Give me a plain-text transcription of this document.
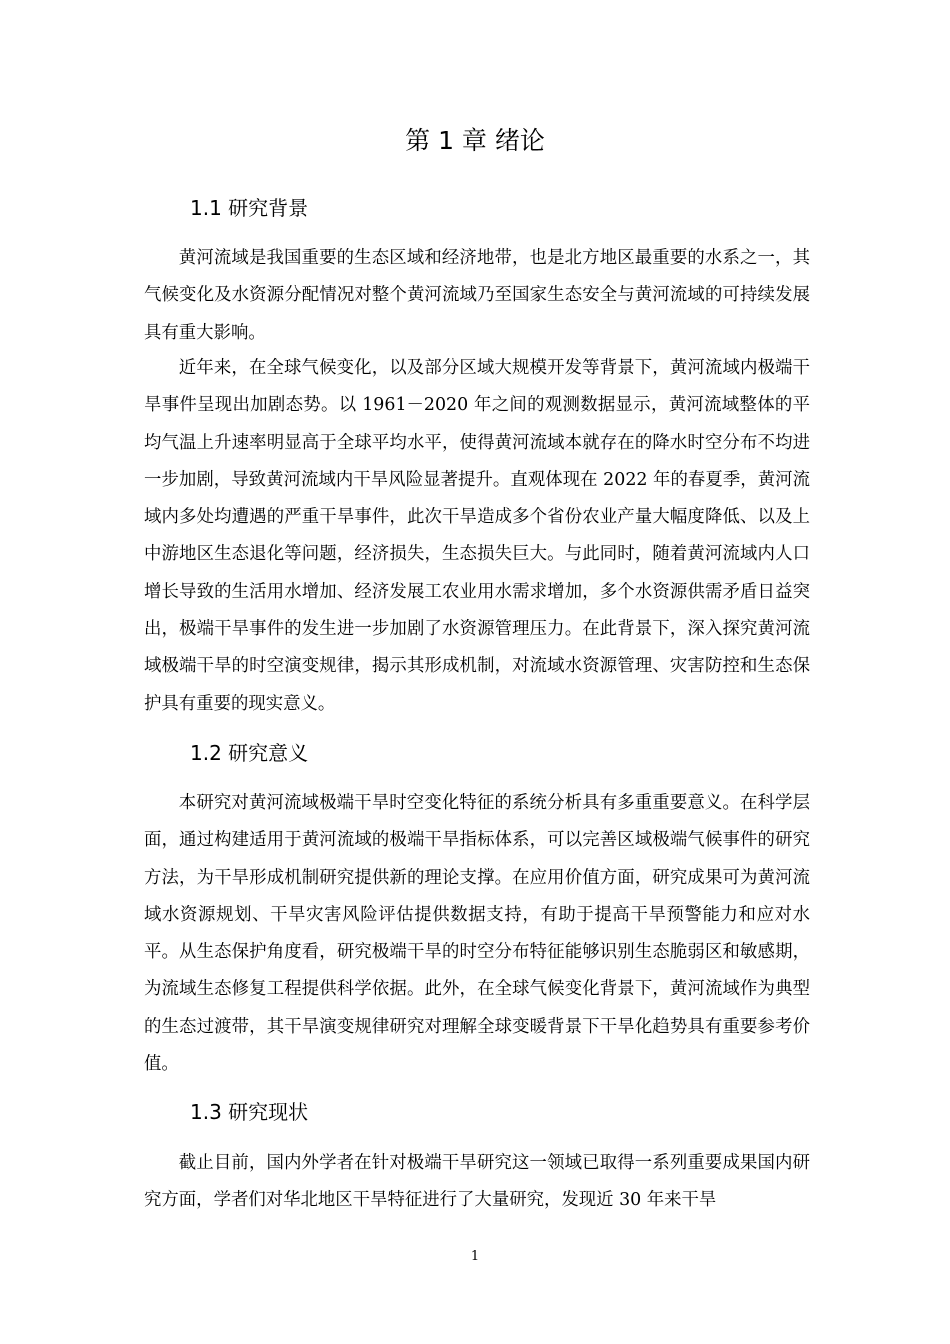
第 1 章 绪论
1.1 研究背景

黄河流域是我国重要的生态区域和经济地带，也是北方地区最重要的水系之一，其气候变化及水资源分配情况对整个黄河流域乃至国家生态安全与黄河流域的可持续发展具有重大影响。

近年来，在全球气候变化，以及部分区域大规模开发等背景下，黄河流域内极端干旱事件呈现出加剧态势。以 1961－2020 年之间的观测数据显示，黄河流域整体的平均气温上升速率明显高于全球平均水平，使得黄河流域本就存在的降水时空分布不均进一步加剧，导致黄河流域内干旱风险显著提升。直观体现在 2022 年的春夏季，黄河流域内多处均遭遇的严重干旱事件，此次干旱造成多个省份农业产量大幅度降低、以及上中游地区生态退化等问题，经济损失，生态损失巨大。与此同时，随着黄河流域内人口增长导致的生活用水增加、经济发展工农业用水需求增加，多个水资源供需矛盾日益突出，极端干旱事件的发生进一步加剧了水资源管理压力。在此背景下，深入探究黄河流域极端干旱的时空演变规律，揭示其形成机制，对流域水资源管理、灾害防控和生态保护具有重要的现实意义。

1.2 研究意义

本研究对黄河流域极端干旱时空变化特征的系统分析具有多重重要意义。在科学层面，通过构建适用于黄河流域的极端干旱指标体系，可以完善区域极端气候事件的研究方法，为干旱形成机制研究提供新的理论支撑。在应用价值方面，研究成果可为黄河流域水资源规划、干旱灾害风险评估提供数据支持，有助于提高干旱预警能力和应对水平。从生态保护角度看，研究极端干旱的时空分布特征能够识别生态脆弱区和敏感期，为流域生态修复工程提供科学依据。此外，在全球气候变化背景下，黄河流域作为典型的生态过渡带，其干旱演变规律研究对理解全球变暖背景下干旱化趋势具有重要参考价值。

1.3 研究现状

截止目前，国内外学者在针对极端干旱研究这一领域已取得一系列重要成果国内研究方面，学者们对华北地区干旱特征进行了大量研究，发现近 30 年来干旱

1
